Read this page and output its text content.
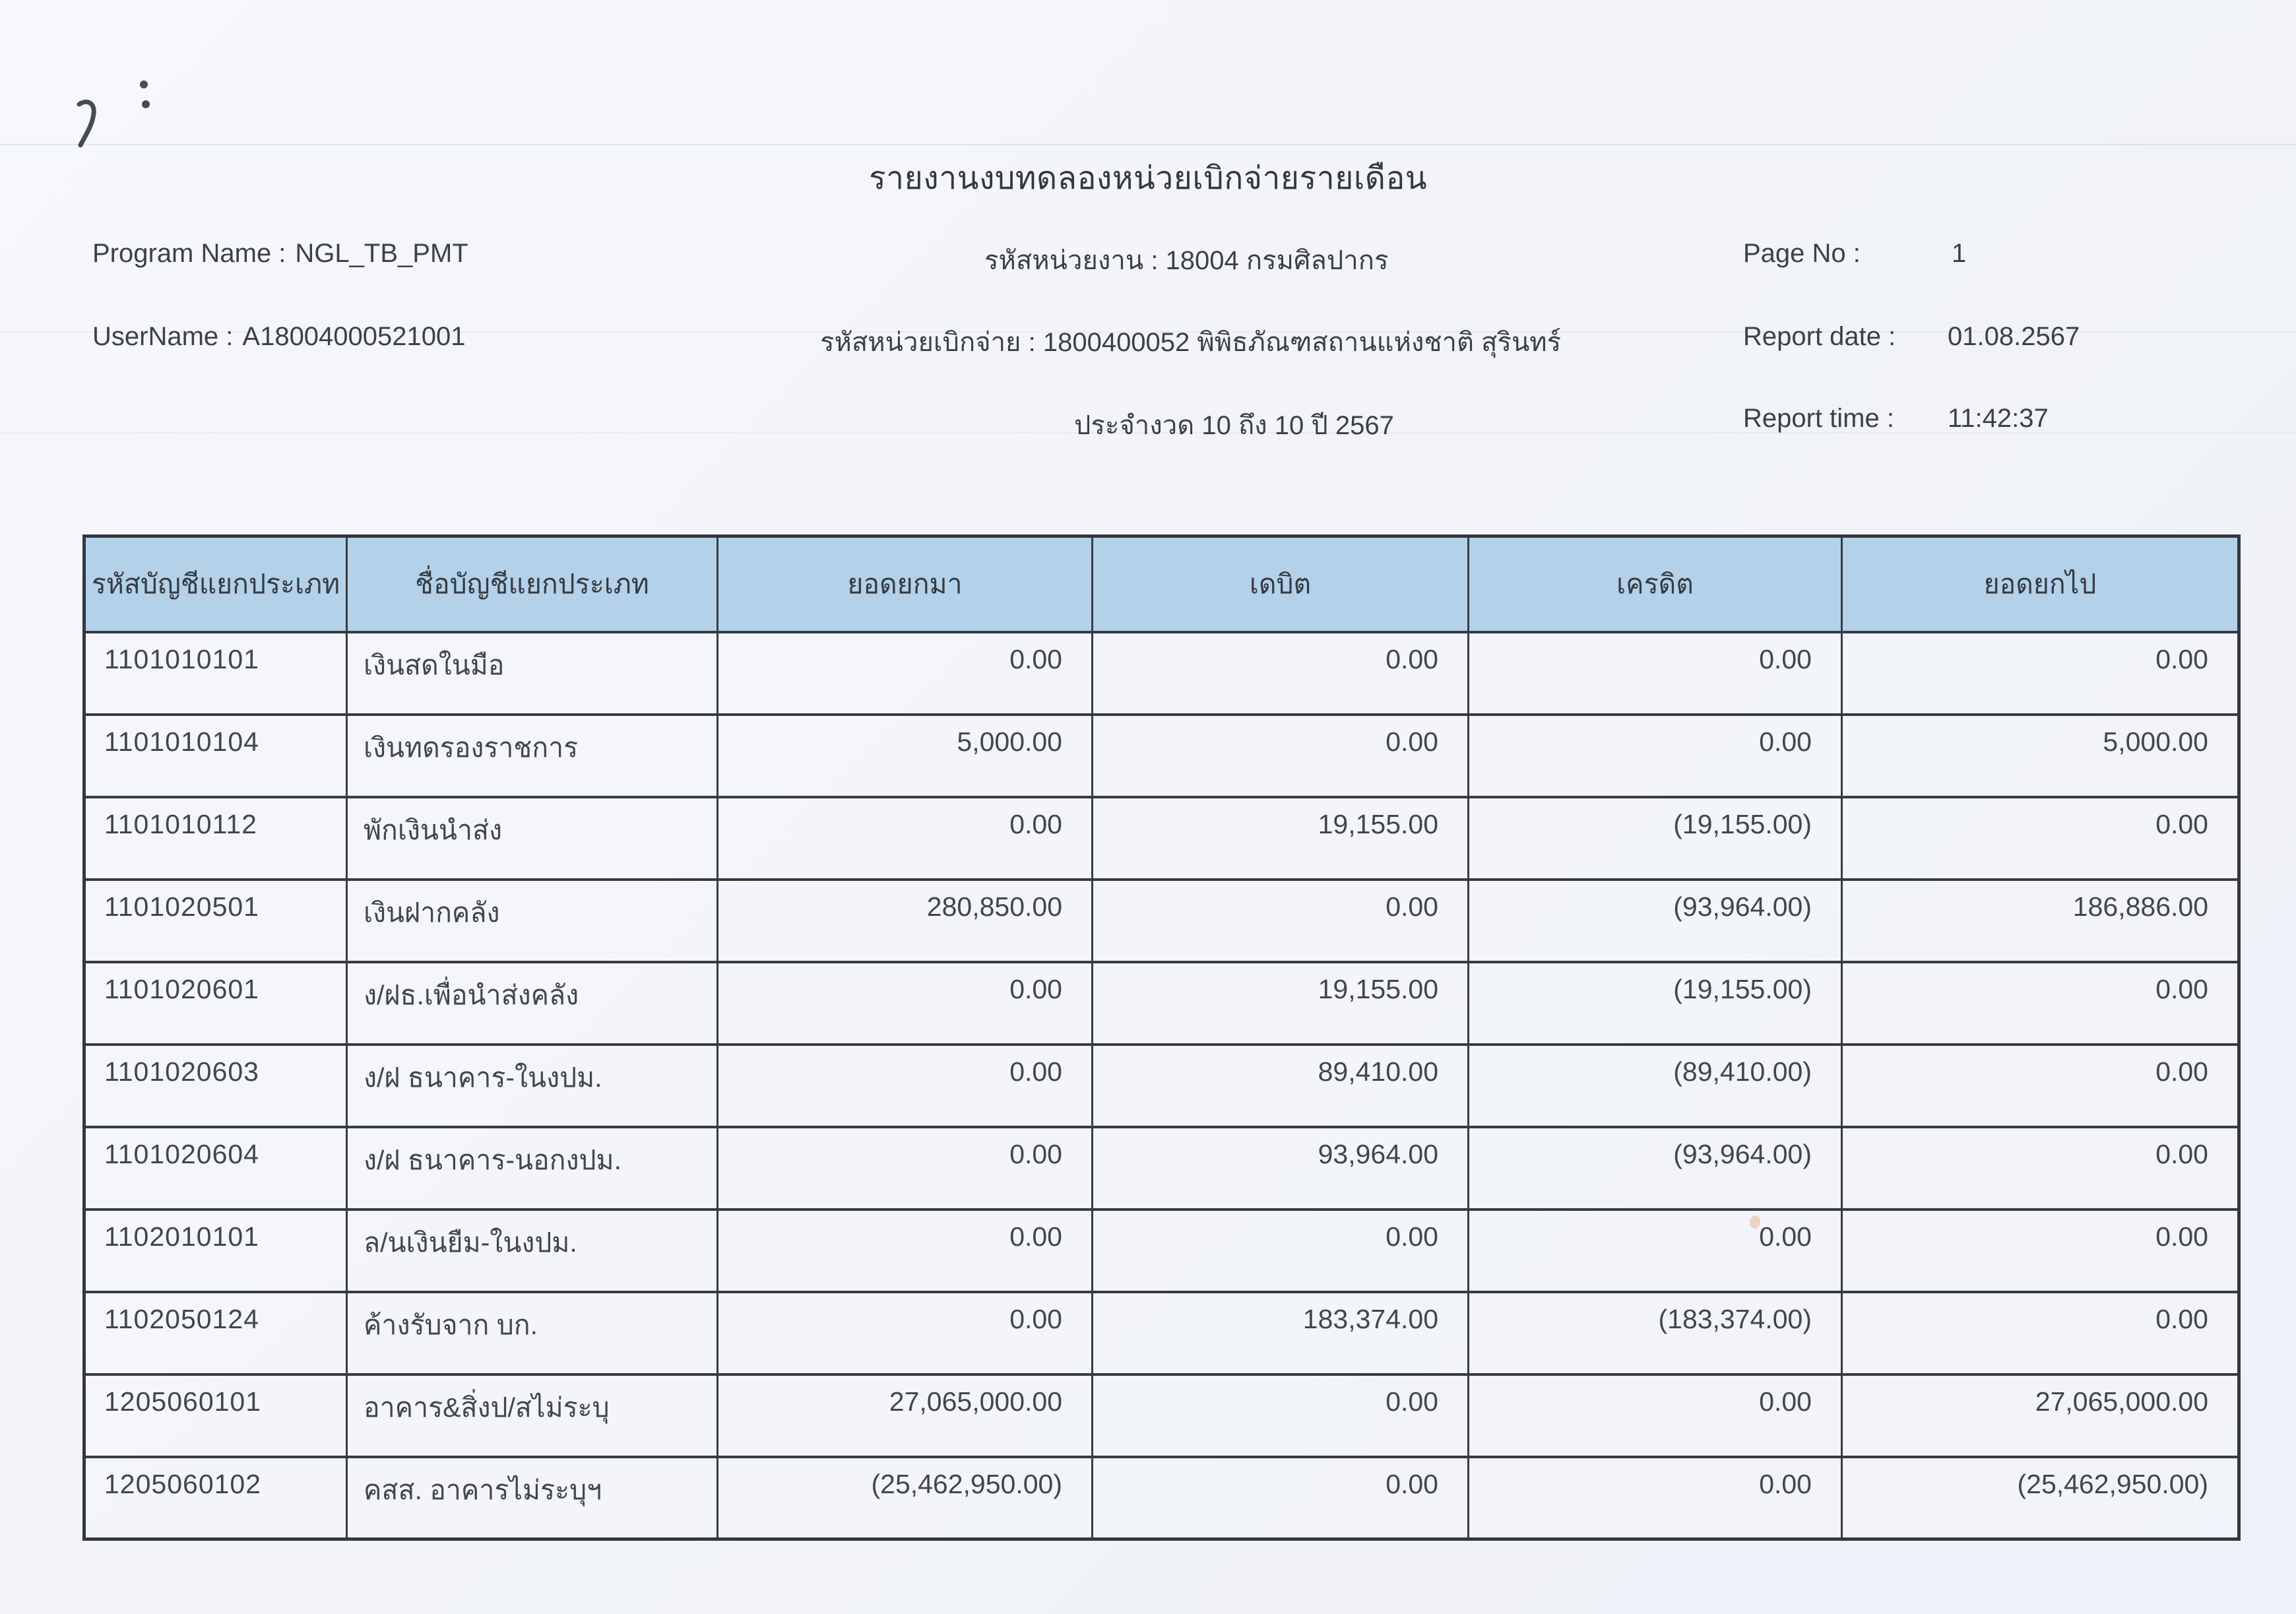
รายงานงบทดลองหน่วยเบิกจ่ายรายเดือน
Program Name : NGL_TB_PMT	รหัสหน่วยงาน : 18004 กรมศิลปากร	Page No :	1
UserName : A18004000521001	รหัสหน่วยเบิกจ่าย : 1800400052 พิพิธภัณฑสถานแห่งชาติ สุรินทร์	Report date : 01.08.2567
ประจำงวด 10 ถึง 10 ปี 2567	Report time : 11:42:37
รหัสบัญชีแยกประเภท	ชื่อบัญชีแยกประเภท	ยอดยกมา	เดบิต	เครดิต	ยอดยกไป
1101010101	เงินสดในมือ	0.00	0.00	0.00	0.00
1101010104	เงินทดรองราชการ	5,000.00	0.00	0.00	5,000.00
1101010112	พักเงินนำส่ง	0.00	19,155.00	(19,155.00)	0.00
1101020501	เงินฝากคลัง	280,850.00	0.00	(93,964.00)	186,886.00
1101020601	ง/ฝธ.เพื่อนำส่งคลัง	0.00	19,155.00	(19,155.00)	0.00
1101020603	ง/ฝ ธนาคาร-ในงปม.	0.00	89,410.00	(89,410.00)	0.00
1101020604	ง/ฝ ธนาคาร-นอกงปม.	0.00	93,964.00	(93,964.00)	0.00
1102010101	ล/นเงินยืม-ในงปม.	0.00	0.00	0.00	0.00
1102050124	ค้างรับจาก บก.	0.00	183,374.00	(183,374.00)	0.00
1205060101	อาคาร&สิ่งป/สไม่ระบุ	27,065,000.00	0.00	0.00	27,065,000.00
1205060102	คสส. อาคารไม่ระบุฯ	(25,462,950.00)	0.00	0.00	(25,462,950.00)
